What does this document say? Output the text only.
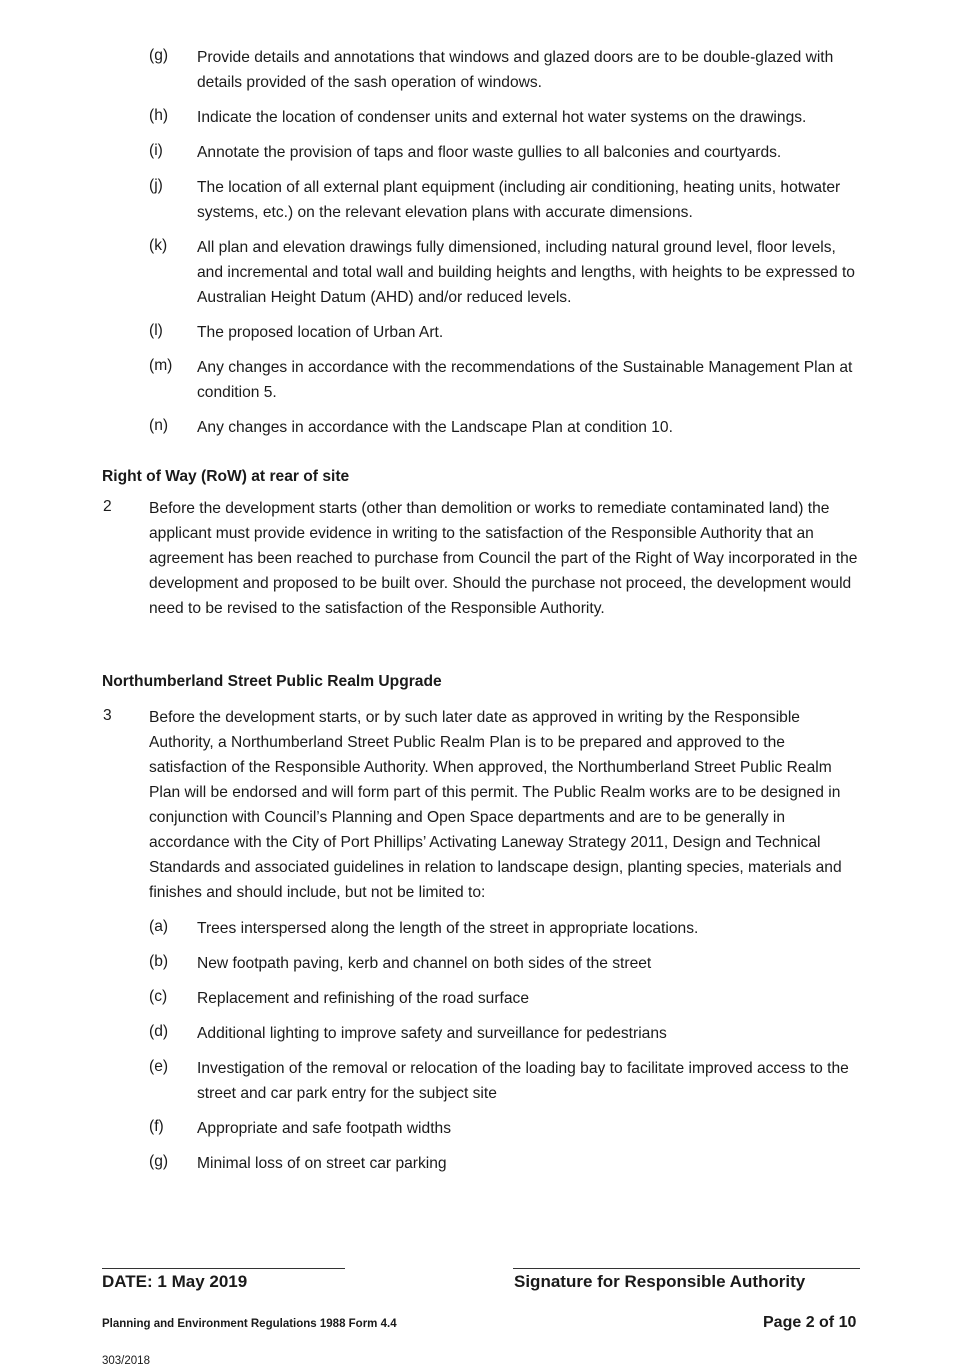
(g) Provide details and annotations that windows and glazed doors are to be double-glazed with details provided of the sash operation of windows.
(h) Indicate the location of condenser units and external hot water systems on the drawings.
(i) Annotate the provision of taps and floor waste gullies to all balconies and courtyards.
(j) The location of all external plant equipment (including air conditioning, heating units, hotwater systems, etc.) on the relevant elevation plans with accurate dimensions.
(k) All plan and elevation drawings fully dimensioned, including natural ground level, floor levels, and incremental and total wall and building heights and lengths, with heights to be expressed to Australian Height Datum (AHD) and/or reduced levels.
(l) The proposed location of Urban Art.
(m) Any changes in accordance with the recommendations of the Sustainable Management Plan at condition 5.
(n) Any changes in accordance with the Landscape Plan at condition 10.
Right of Way (RoW) at rear of site
2 Before the development starts (other than demolition or works to remediate contaminated land) the applicant must provide evidence in writing to the satisfaction of the Responsible Authority that an agreement has been reached to purchase from Council the part of the Right of Way incorporated in the development and proposed to be built over. Should the purchase not proceed, the development would need to be revised to the satisfaction of the Responsible Authority.
Northumberland Street Public Realm Upgrade
3 Before the development starts, or by such later date as approved in writing by the Responsible Authority, a Northumberland Street Public Realm Plan is to be prepared and approved to the satisfaction of the Responsible Authority. When approved, the Northumberland Street Public Realm Plan will be endorsed and will form part of this permit. The Public Realm works are to be designed in conjunction with Council’s Planning and Open Space departments and are to be generally in accordance with the City of Port Phillips’ Activating Laneway Strategy 2011, Design and Technical Standards and associated guidelines in relation to landscape design, planting species, materials and finishes and should include, but not be limited to:
(a) Trees interspersed along the length of the street in appropriate locations.
(b) New footpath paving, kerb and channel on both sides of the street
(c) Replacement and refinishing of the road surface
(d) Additional lighting to improve safety and surveillance for pedestrians
(e) Investigation of the removal or relocation of the loading bay to facilitate improved access to the street and car park entry for the subject site
(f) Appropriate and safe footpath widths
(g) Minimal loss of on street car parking
DATE: 1 May 2019	Signature for Responsible Authority
Planning and Environment Regulations 1988 Form 4.4	Page 2 of 10
303/2018
